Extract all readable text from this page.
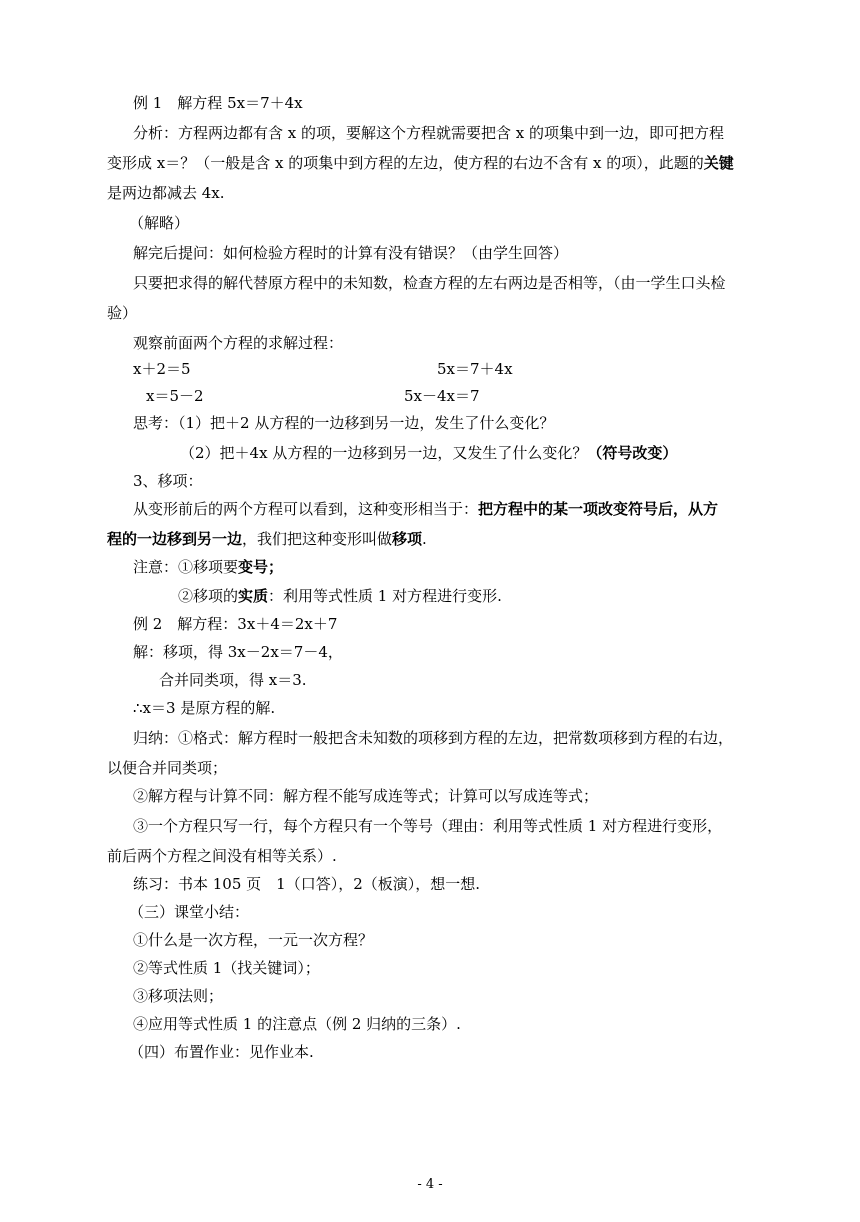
例 1　解方程 5x＝7＋4x
分析：方程两边都有含 x 的项，要解这个方程就需要把含 x 的项集中到一边，即可把方程
变形成 x＝？（一般是含 x 的项集中到方程的左边，使方程的右边不含有 x 的项），此题的关键
是两边都减去 4x.
（解略）
解完后提问：如何检验方程时的计算有没有错误？（由学生回答）
只要把求得的解代替原方程中的未知数，检查方程的左右两边是否相等，（由一学生口头检
验）
观察前面两个方程的求解过程：
x＋2＝5	5x＝7＋4x
x＝5－2	5x－4x＝7
思考：（1）把＋2 从方程的一边移到另一边，发生了什么变化？
（2）把＋4x 从方程的一边移到另一边，又发生了什么变化？（符号改变）
3、移项：
从变形前后的两个方程可以看到，这种变形相当于：把方程中的某一项改变符号后，从方
程的一边移到另一边，我们把这种变形叫做移项.
注意：①移项要变号；
②移项的实质：利用等式性质 1 对方程进行变形.
例 2　解方程：3x＋4＝2x＋7
解：移项，得 3x－2x＝7－4，
合并同类项，得 x＝3.
∴x＝3 是原方程的解.
归纳：①格式：解方程时一般把含未知数的项移到方程的左边，把常数项移到方程的右边，
以便合并同类项；
②解方程与计算不同：解方程不能写成连等式；计算可以写成连等式；
③一个方程只写一行，每个方程只有一个等号（理由：利用等式性质 1 对方程进行变形，
前后两个方程之间没有相等关系）.
练习：书本 105 页　1（口答），2（板演），想一想.
（三）课堂小结：
①什么是一次方程，一元一次方程？
②等式性质 1（找关键词）；
③移项法则；
④应用等式性质 1 的注意点（例 2 归纳的三条）.
（四）布置作业：见作业本.
- 4 -
